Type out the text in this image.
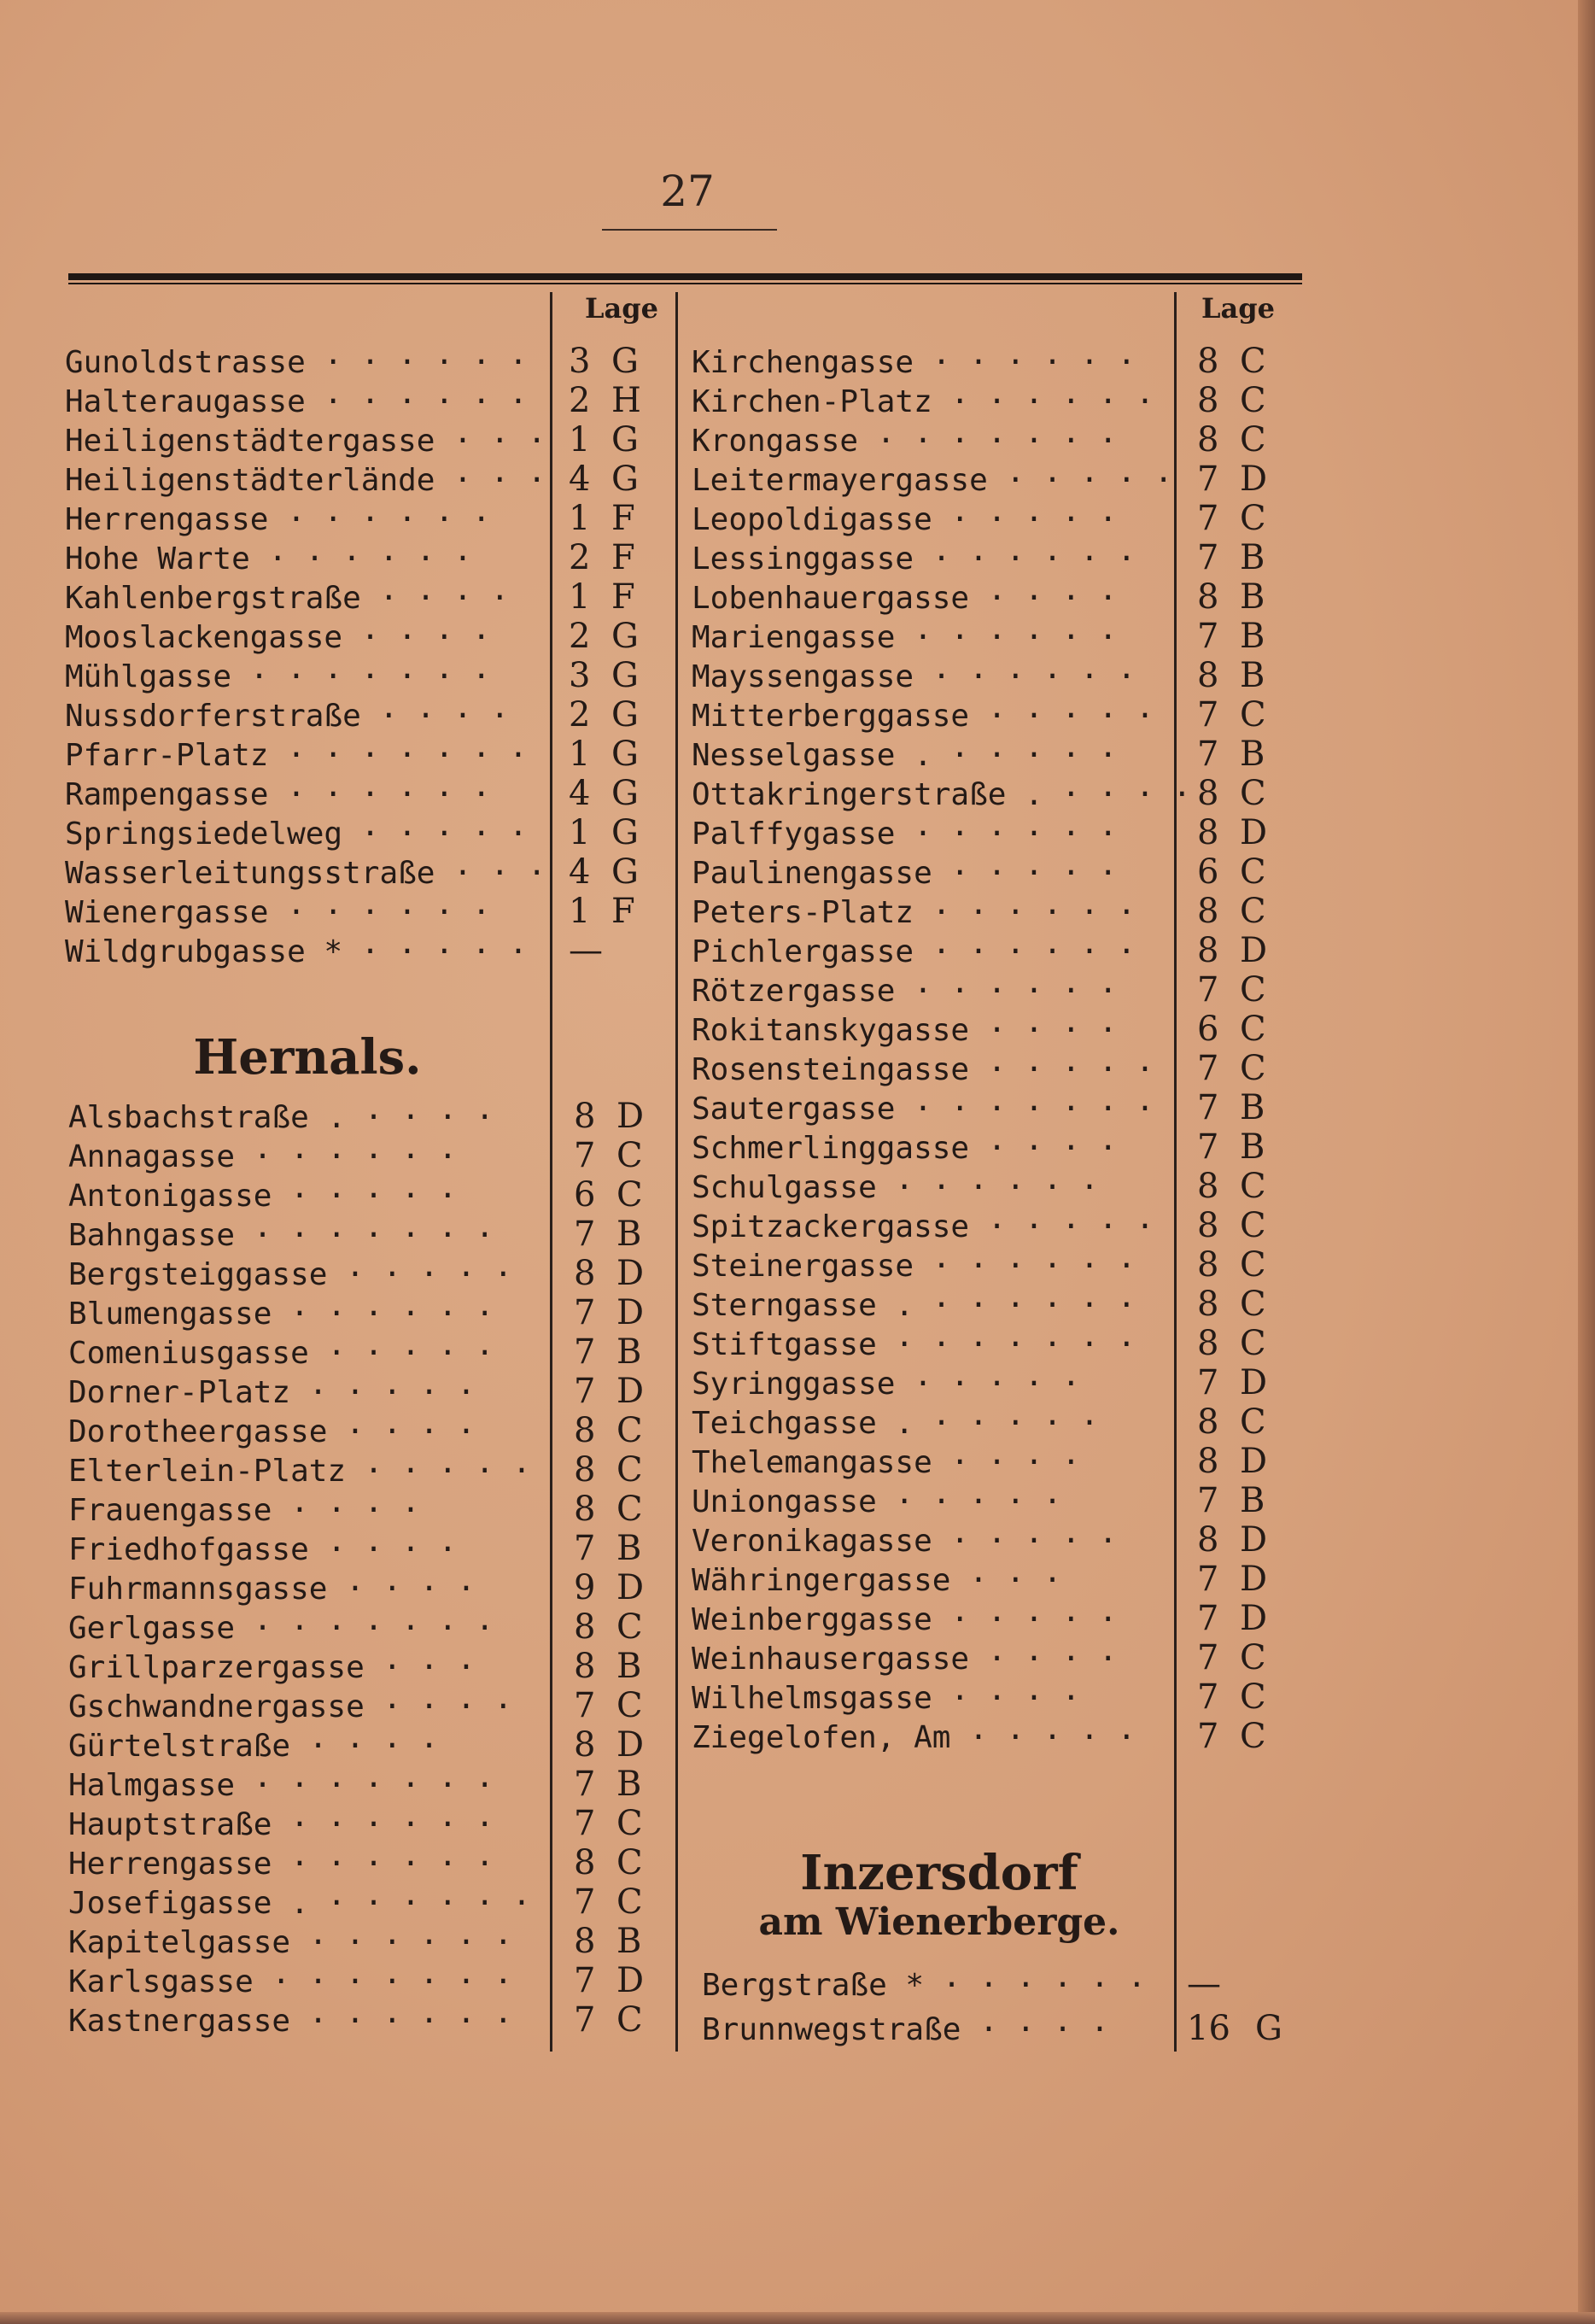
27
Lage	Lage
Gunoldstrasse · · · · · · 3 G
Halteraugasse · · · · · · 2 H
Heiligenstädtergasse · · · 1 G
Heiligenstädterlände · · · 4 G
Herrengasse · · · · · · 1 F
Hohe Warte · · · · · ·	2 F
Kahlenbergstraße · · · · 1 F
Mooslackengasse · · · · 2 G
Mühlgasse · · · · · · · 3 G
Nussdorferstraße · · · · 2 G
Pfarr-Platz · · · · · · · 1 G
Rampengasse · · · · · · 4 G
Springsiedelweg · · · · · 1 G
Wasserleitungsstraße · · · 4 G
Wienergasse · · · · · · 1 F
Wildgrubgasse * · · · · · —
Hernals.
Alsbachstraße . · · · · 8 D
Annagasse · · · · · ·	7 C
Antonigasse · · · · ·	6 C
Bahngasse · · · · · · · 7 B
Bergsteiggasse · · · · · 8 D
Blumengasse · · · · · · 7 D
Comeniusgasse · · · · · 7 B
Dorner-Platz · · · · ·	7 D
Dorotheergasse · · · ·	8 C
Elterlein-Platz · · · · · 8 C
Frauengasse · · · ·	8 C
Friedhofgasse · · · ·	7 B
Fuhrmannsgasse · · · ·	9 D
Gerlgasse · · · · · · · 8 C
Grillparzergasse · · ·	8 B
Gschwandnergasse · · · · 7 C
Gürtelstraße · · · ·	8 D
Halmgasse · · · · · · · 7 B
Hauptstraße · · · · · · 7 C
Herrengasse · · · · · · 8 C
Josefigasse . · · · · · · 7 C
Kapitelgasse · · · · · · 8 B
Karlsgasse · · · · · · · 7 D
Kastnergasse · · · · · · 7 C
Kirchengasse · · · · · · 8 C
Kirchen-Platz · · · · · · 8 C
Krongasse · · · · · · · 8 C
Leitermayergasse · · · · · 7 D
Leopoldigasse · · · · · 7 C
Lessinggasse · · · · · · 7 B
Lobenhauergasse · · · · 8 B
Mariengasse · · · · · · 7 B
Mayssengasse · · · · · · 8 B
Mitterberggasse · · · · · 7 C
Nesselgasse . · · · · · 7 B
Ottakringerstraße . · · · · 8 C
Palffygasse · · · · · · 8 D
Paulinengasse · · · · · 6 C
Peters-Platz · · · · · · 8 C
Pichlergasse · · · · · · 8 D
Rötzergasse · · · · · · 7 C
Rokitanskygasse · · · · 6 C
Rosensteingasse · · · · · 7 C
Sautergasse · · · · · · · 7 B
Schmerlinggasse · · · · 7 B
Schulgasse · · · · · ·	8 C
Spitzackergasse · · · · · 8 C
Steinergasse · · · · · · 8 C
Sterngasse . · · · · · · 8 C
Stiftgasse · · · · · · · 8 C
Syringgasse · · · · ·	7 D
Teichgasse . · · · · ·	8 C
Thelemangasse · · · ·	8 D
Uniongasse · · · · ·	7 B
Veronikagasse · · · · · 8 D
Währingergasse · · ·	7 D
Weinberggasse · · · · · 7 D
Weinhausergasse · · · · 7 C
Wilhelmsgasse · · · ·	7 C
Ziegelofen, Am · · · · · 7 C
Inzersdorf
am Wienerberge.
Bergstraße * · · · · · · —
Brunnwegstraße · · · · 16 G
